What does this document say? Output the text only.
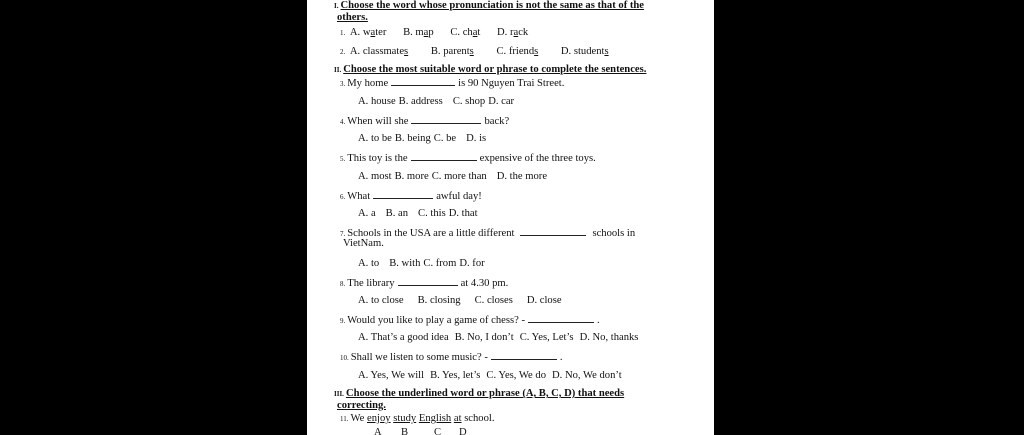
I. Choose the word whose pronunciation is not the same as that of the
others.
1. A. water B. map C. chat D. rack
2. A. classmates B. parents C. friends D. students
II. Choose the most suitable word or phrase to complete the sentences.
3. My home	is 90 Nguyen Trai Street.
A. house B. address C. shop D. car
4. When will she	back?
A. to be B. being C. be D. is
5. This toy is the	expensive of the three toys.
A. most B. more C. more than D. the more
6. What	awful day!
A. a B. an C. this D. that
7. Schools in the USA are a little different	schools in
VietNam.
A. to B. with C. from D. for
8. The library	at 4.30 pm.
A. to close B. closing C. closes D. close
9. Would you like to play a game of chess? -	.
A. That’s a good idea B. No, I don’t C. Yes, Let’s D. No, thanks
10. Shall we listen to some music? -	.
A. Yes, We will B. Yes, let’s C. Yes, We do D. No, We don’t
III. Choose the underlined word or phrase (A, B, C, D) that needs
correcting.
11. We enjoy study English at school.
A B C D
